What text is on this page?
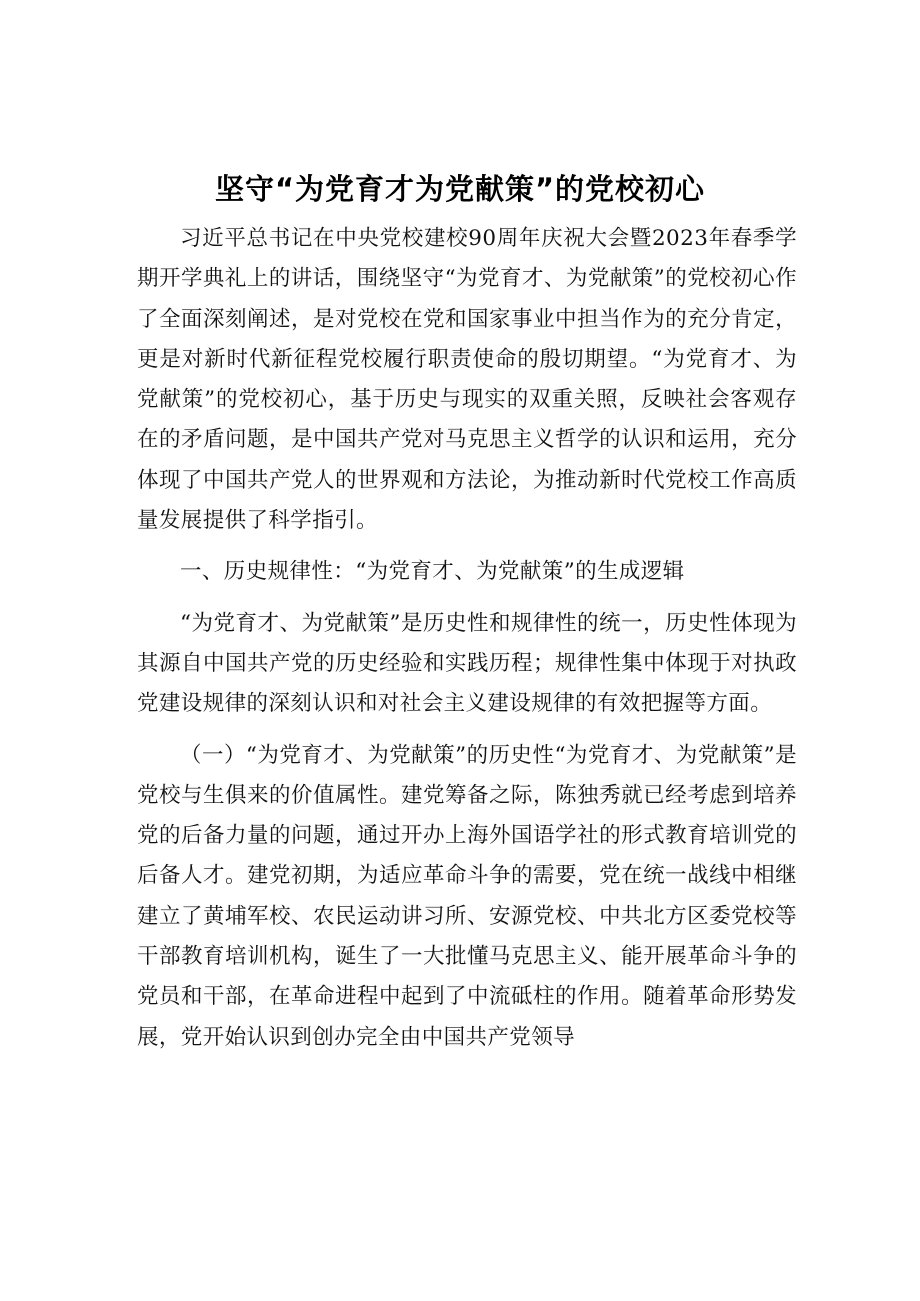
坚守“为党育才为党献策”的党校初心

习近平总书记在中央党校建校90周年庆祝大会暨2023年春季学期开学典礼上的讲话，围绕坚守“为党育才、为党献策”的党校初心作了全面深刻阐述，是对党校在党和国家事业中担当作为的充分肯定，更是对新时代新征程党校履行职责使命的殷切期望。“为党育才、为党献策”的党校初心，基于历史与现实的双重关照，反映社会客观存在的矛盾问题，是中国共产党对马克思主义哲学的认识和运用，充分体现了中国共产党人的世界观和方法论，为推动新时代党校工作高质量发展提供了科学指引。

一、历史规律性：“为党育才、为党献策”的生成逻辑

“为党育才、为党献策”是历史性和规律性的统一，历史性体现为其源自中国共产党的历史经验和实践历程；规律性集中体现于对执政党建设规律的深刻认识和对社会主义建设规律的有效把握等方面。

（一）“为党育才、为党献策”的历史性“为党育才、为党献策”是党校与生俱来的价值属性。建党筹备之际，陈独秀就已经考虑到培养党的后备力量的问题，通过开办上海外国语学社的形式教育培训党的后备人才。建党初期，为适应革命斗争的需要，党在统一战线中相继建立了黄埔军校、农民运动讲习所、安源党校、中共北方区委党校等干部教育培训机构，诞生了一大批懂马克思主义、能开展革命斗争的党员和干部，在革命进程中起到了中流砥柱的作用。随着革命形势发展，党开始认识到创办完全由中国共产党领导
